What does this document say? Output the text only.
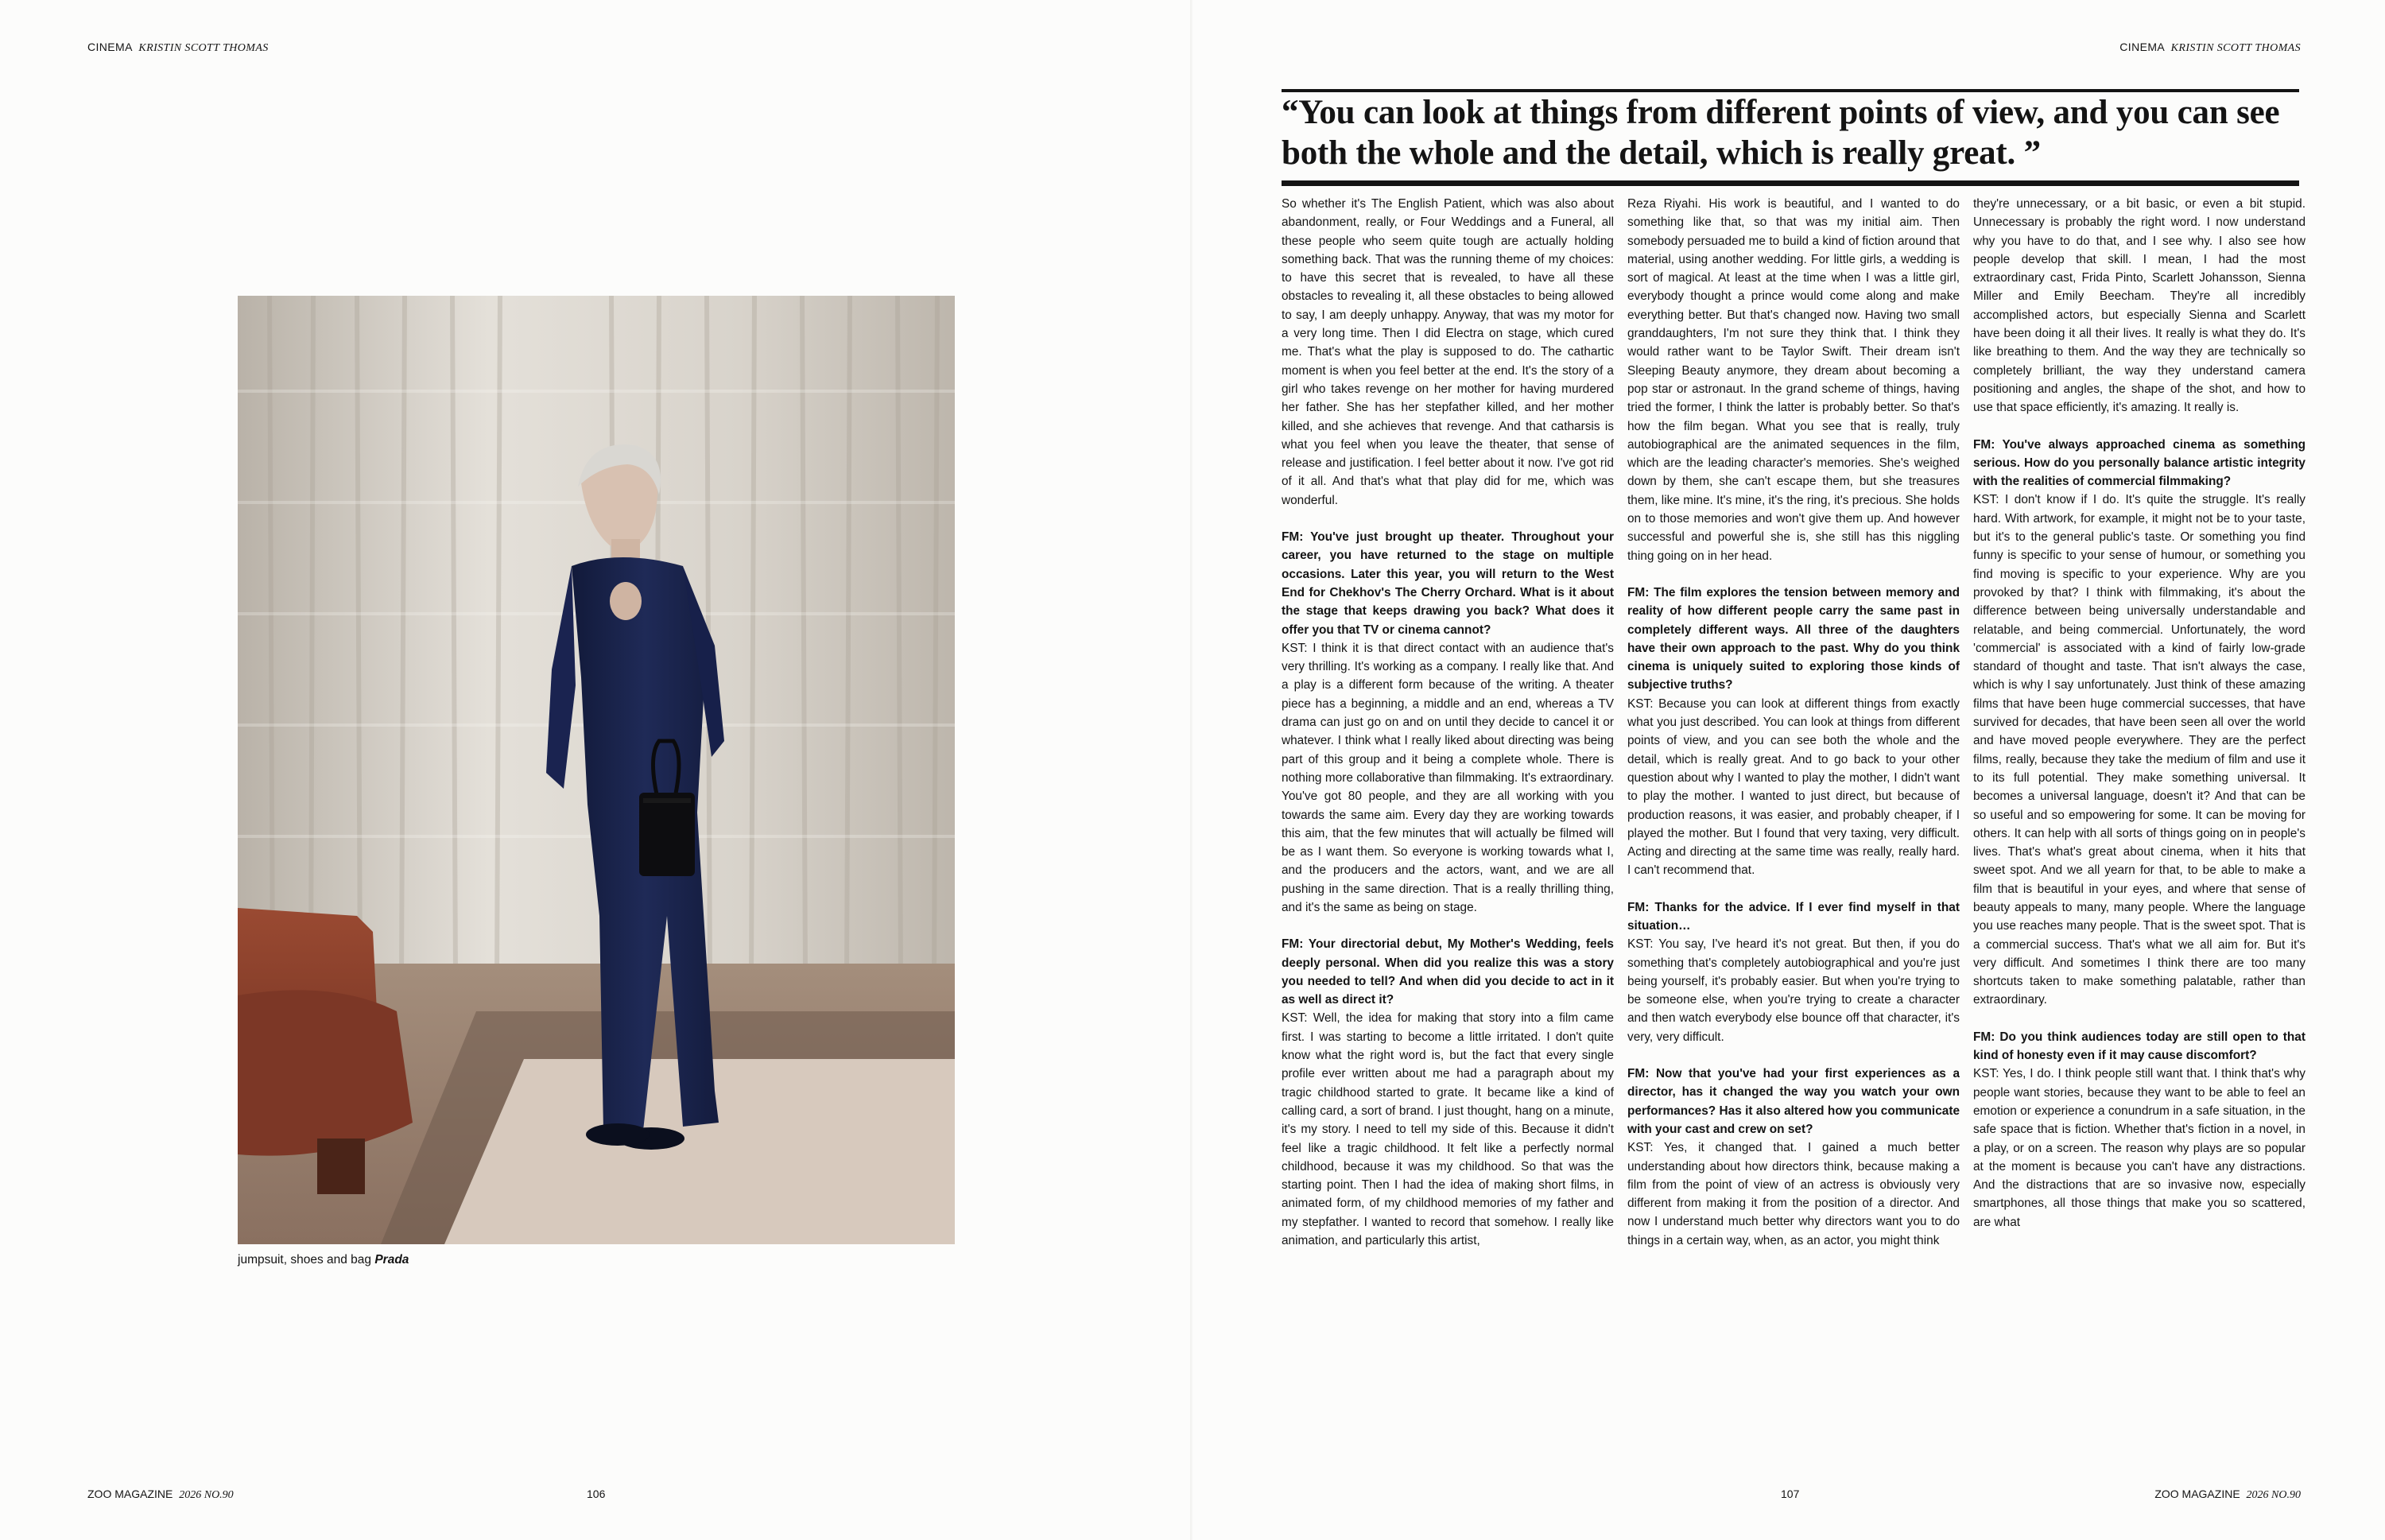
CINEMA KRISTIN SCOTT THOMAS
jumpsuit, shoes and bag Prada
ZOO MAGAZINE 2026 NO.90	106
CINEMA KRISTIN SCOTT THOMAS
107	ZOO MAGAZINE 2026 NO.90
“You can look at things from different points of view, and you can see both the whole and the detail, which is really great. ”

So whether it's The English Patient, which was also about abandonment, really, or Four Weddings and a Funeral, all these people who seem quite tough are actually holding something back. That was the running theme of my choices: to have this secret that is revealed, to have all these obstacles to revealing it, all these obstacles to being allowed to say, I am deeply unhappy. Anyway, that was my motor for a very long time. Then I did Electra on stage, which cured me. That's what the play is supposed to do. The cathartic moment is when you feel better at the end. It's the story of a girl who takes revenge on her mother for having murdered her father. She has her stepfather killed, and her mother killed, and she achieves that revenge. And that catharsis is what you feel when you leave the theater, that sense of release and justification. I feel better about it now. I've got rid of it all. And that's what that play did for me, which was wonderful.

FM: You've just brought up theater. Throughout your career, you have returned to the stage on multiple occasions. Later this year, you will return to the West End for Chekhov's The Cherry Orchard. What is it about the stage that keeps drawing you back? What does it offer you that TV or cinema cannot?
KST: I think it is that direct contact with an audience that's very thrilling. It's working as a company. I really like that. And a play is a different form because of the writing. A theater piece has a beginning, a middle and an end, whereas a TV drama can just go on and on until they decide to cancel it or whatever. I think what I really liked about directing was being part of this group and it being a complete whole. There is nothing more collaborative than filmmaking. It's extraordinary. You've got 80 people, and they are all working with you towards the same aim. Every day they are working towards this aim, that the few minutes that will actually be filmed will be as I want them. So everyone is working towards what I, and the producers and the actors, want, and we are all pushing in the same direction. That is a really thrilling thing, and it's the same as being on stage.

FM: Your directorial debut, My Mother's Wedding, feels deeply personal. When did you realize this was a story you needed to tell? And when did you decide to act in it as well as direct it?
KST: Well, the idea for making that story into a film came first. I was starting to become a little irritated. I don't quite know what the right word is, but the fact that every single profile ever written about me had a paragraph about my tragic childhood started to grate. It became like a kind of calling card, a sort of brand. I just thought, hang on a minute, it's my story. I need to tell my side of this. Because it didn't feel like a tragic childhood. It felt like a perfectly normal childhood, because it was my childhood. So that was the starting point. Then I had the idea of making short films, in animated form, of my childhood memories of my father and my stepfather. I wanted to record that somehow. I really like animation, and particularly this artist,

Reza Riyahi. His work is beautiful, and I wanted to do something like that, so that was my initial aim. Then somebody persuaded me to build a kind of fiction around that material, using another wedding. For little girls, a wedding is sort of magical. At least at the time when I was a little girl, everybody thought a prince would come along and make everything better. But that's changed now. Having two small granddaughters, I'm not sure they think that. I think they would rather want to be Taylor Swift. Their dream isn't Sleeping Beauty anymore, they dream about becoming a pop star or astronaut. In the grand scheme of things, having tried the former, I think the latter is probably better. So that's how the film began. What you see that is really, truly autobiographical are the animated sequences in the film, which are the leading character's memories. She's weighed down by them, she can't escape them, but she treasures them, like mine. It's mine, it's the ring, it's precious. She holds on to those memories and won't give them up. And however successful and powerful she is, she still has this niggling thing going on in her head.

FM: The film explores the tension between memory and reality of how different people carry the same past in completely different ways. All three of the daughters have their own approach to the past. Why do you think cinema is uniquely suited to exploring those kinds of subjective truths?
KST: Because you can look at different things from exactly what you just described. You can look at things from different points of view, and you can see both the whole and the detail, which is really great. And to go back to your other question about why I wanted to play the mother, I didn't want to play the mother. I wanted to just direct, but because of production reasons, it was easier, and probably cheaper, if I played the mother. But I found that very taxing, very difficult. Acting and directing at the same time was really, really hard. I can't recommend that.

FM: Thanks for the advice. If I ever find myself in that situation…
KST: You say, I've heard it's not great. But then, if you do something that's completely autobiographical and you're just being yourself, it's probably easier. But when you're trying to be someone else, when you're trying to create a character and then watch everybody else bounce off that character, it's very, very difficult.

FM: Now that you've had your first experiences as a director, has it changed the way you watch your own performances? Has it also altered how you communicate with your cast and crew on set?
KST: Yes, it changed that. I gained a much better understanding about how directors think, because making a film from the point of view of an actress is obviously very different from making it from the position of a director. And now I understand much better why directors want you to do things in a certain way, when, as an actor, you might think

they're unnecessary, or a bit basic, or even a bit stupid. Unnecessary is probably the right word. I now understand why you have to do that, and I see why. I also see how people develop that skill. I mean, I had the most extraordinary cast, Frida Pinto, Scarlett Johansson, Sienna Miller and Emily Beecham. They're all incredibly accomplished actors, but especially Sienna and Scarlett have been doing it all their lives. It really is what they do. It's like breathing to them. And the way they are technically so completely brilliant, the way they understand camera positioning and angles, the shape of the shot, and how to use that space efficiently, it's amazing. It really is.

FM: You've always approached cinema as something serious. How do you personally balance artistic integrity with the realities of commercial filmmaking?
KST: I don't know if I do. It's quite the struggle. It's really hard. With artwork, for example, it might not be to your taste, but it's to the general public's taste. Or something you find funny is specific to your sense of humour, or something you find moving is specific to your experience. Why are you provoked by that? I think with filmmaking, it's about the difference between being universally understandable and relatable, and being commercial. Unfortunately, the word 'commercial' is associated with a kind of fairly low-grade standard of thought and taste. That isn't always the case, which is why I say unfortunately. Just think of these amazing films that have been huge commercial successes, that have survived for decades, that have been seen all over the world and have moved people everywhere. They are the perfect films, really, because they take the medium of film and use it to its full potential. They make something universal. It becomes a universal language, doesn't it? And that can be so useful and so empowering for some. It can be moving for others. It can help with all sorts of things going on in people's lives. That's what's great about cinema, when it hits that sweet spot. And we all yearn for that, to be able to make a film that is beautiful in your eyes, and where that sense of beauty appeals to many, many people. Where the language you use reaches many people. That is the sweet spot. That is a commercial success. That's what we all aim for. But it's very difficult. And sometimes I think there are too many shortcuts taken to make something palatable, rather than extraordinary.

FM: Do you think audiences today are still open to that kind of honesty even if it may cause discomfort?
KST: Yes, I do. I think people still want that. I think that's why people want stories, because they want to be able to feel an emotion or experience a conundrum in a safe situation, in the safe space that is fiction. Whether that's fiction in a novel, in a play, or on a screen. The reason why plays are so popular at the moment is because you can't have any distractions. And the distractions that are so invasive now, especially smartphones, all those things that make you so scattered, are what
